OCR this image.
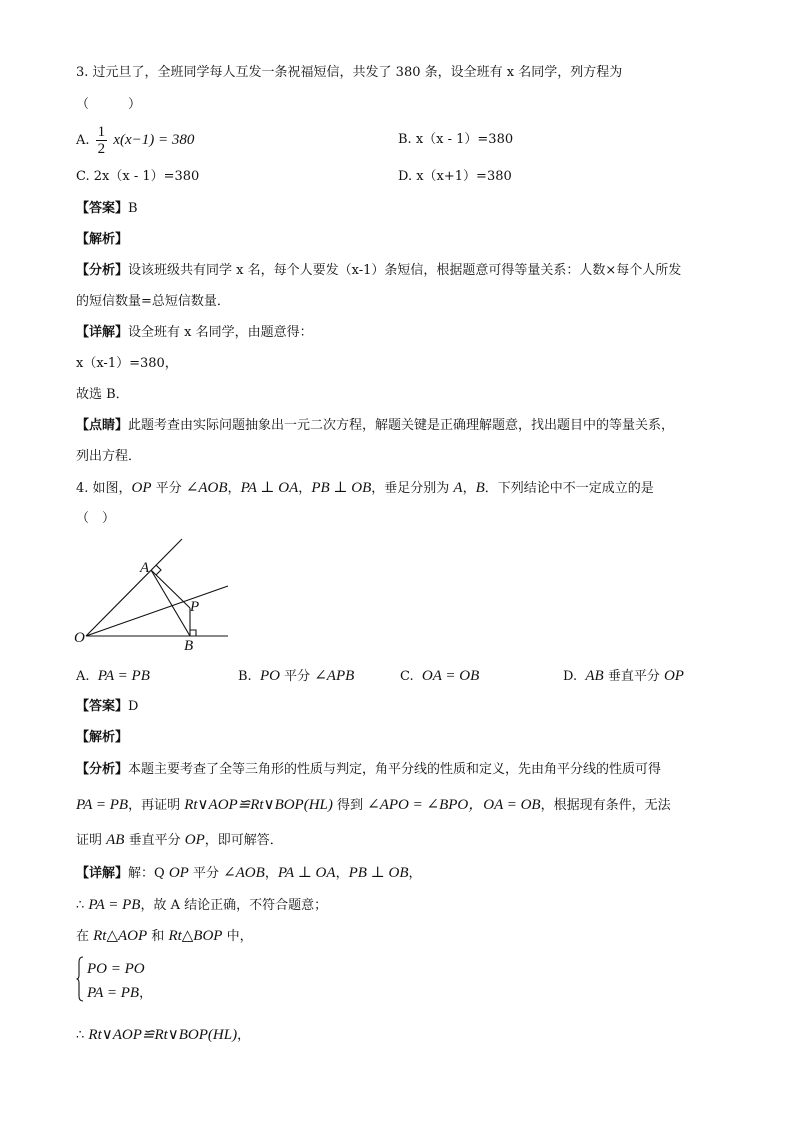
3. 过元旦了，全班同学每人互发一条祝福短信，共发了 380 条，设全班有 x 名同学，列方程为
（　　　）
A. $\frac{1}{2} x(x-1) = 380$	B. x（x - 1）=380
C. 2x（x - 1）=380	D. x（x+1）=380
【答案】B
【解析】
【分析】设该班级共有同学 x 名，每个人要发（x-1）条短信，根据题意可得等量关系：人数×每个人所发
的短信数量=总短信数量．
【详解】设全班有 x 名同学，由题意得：
x（x-1）=380，
故选 B．
【点睛】此题考查由实际问题抽象出一元二次方程，解题关键是正确理解题意，找出题目中的等量关系，
列出方程．
4. 如图，OP 平分 ∠AOB，PA ⊥ OA，PB ⊥ OB，垂足分别为 A，B．下列结论中不一定成立的是
（　）
A
P
O	B
A. PA = PB	B. PO 平分 ∠APB	C. OA = OB	D. AB 垂直平分 OP
【答案】D
【解析】
【分析】本题主要考查了全等三角形的性质与判定，角平分线的性质和定义，先由角平分线的性质可得
PA = PB，再证明 Rt∨AOP≌Rt∨BOP(HL) 得到 ∠APO = ∠BPO，OA = OB，根据现有条件，无法
证明 AB 垂直平分 OP，即可解答．
【详解】解：Q OP 平分 ∠AOB，PA ⊥ OA，PB ⊥ OB，
∴ PA = PB，故 A 结论正确，不符合题意；
在 Rt△AOP 和 Rt△BOP 中，
PO = PO
PA = PB，
∴ Rt∨AOP≌Rt∨BOP(HL)，
